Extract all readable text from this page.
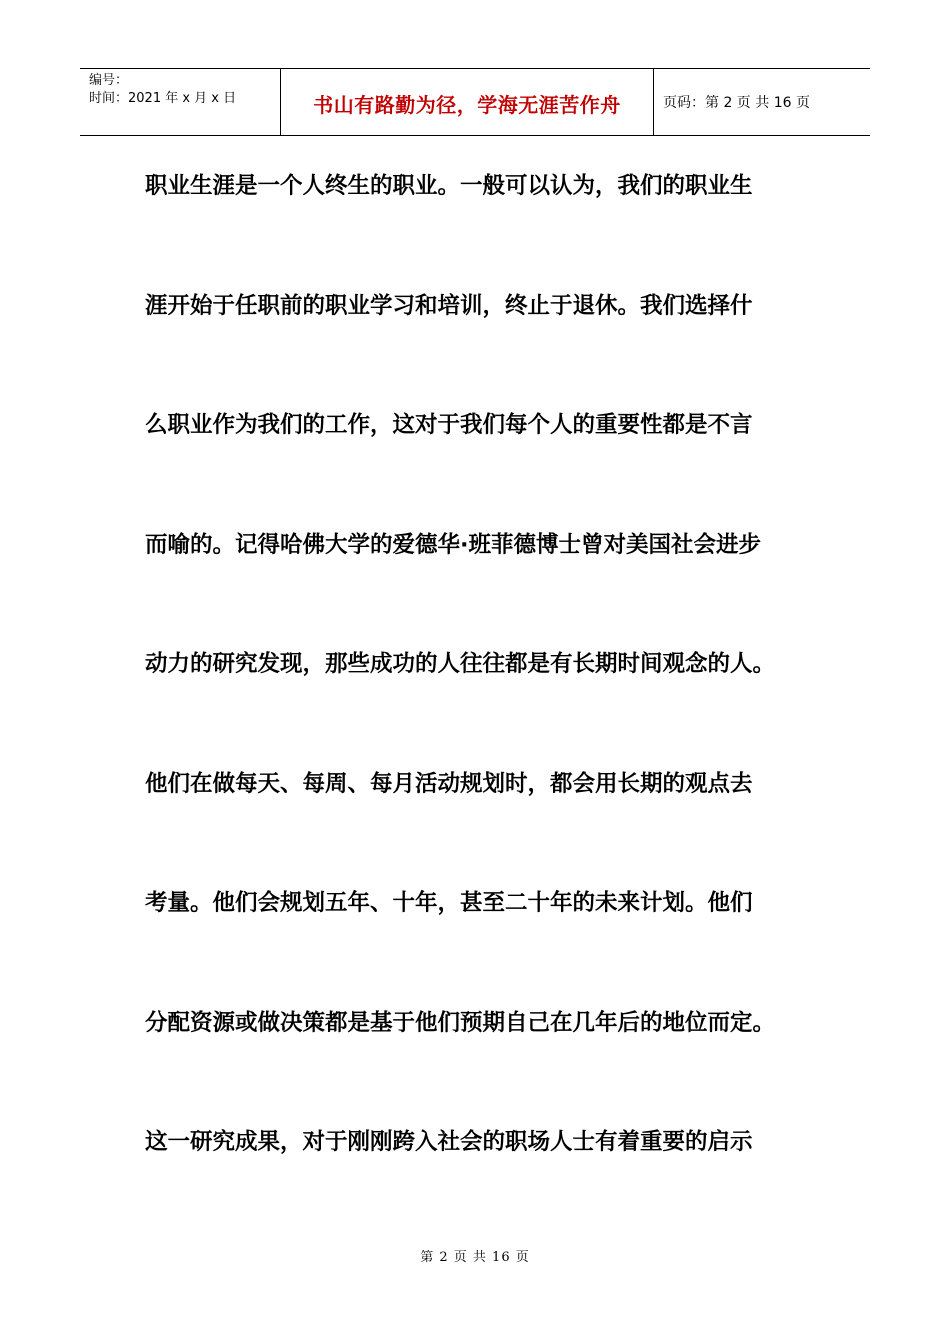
编号：
时间：2021 年 x 月 x 日	书山有路勤为径，学海无涯苦作舟	页码：第 2 页 共 16 页
职业生涯是一个人终生的职业。一般可以认为，我们的职业生
涯开始于任职前的职业学习和培训，终止于退休。我们选择什
么职业作为我们的工作，这对于我们每个人的重要性都是不言
而喻的。记得哈佛大学的爱德华·班菲德博士曾对美国社会进步
动力的研究发现，那些成功的人往往都是有长期时间观念的人。
他们在做每天、每周、每月活动规划时，都会用长期的观点去
考量。他们会规划五年、十年，甚至二十年的未来计划。他们
分配资源或做决策都是基于他们预期自己在几年后的地位而定。
这一研究成果，对于刚刚跨入社会的职场人士有着重要的启示
第 2 页 共 16 页
